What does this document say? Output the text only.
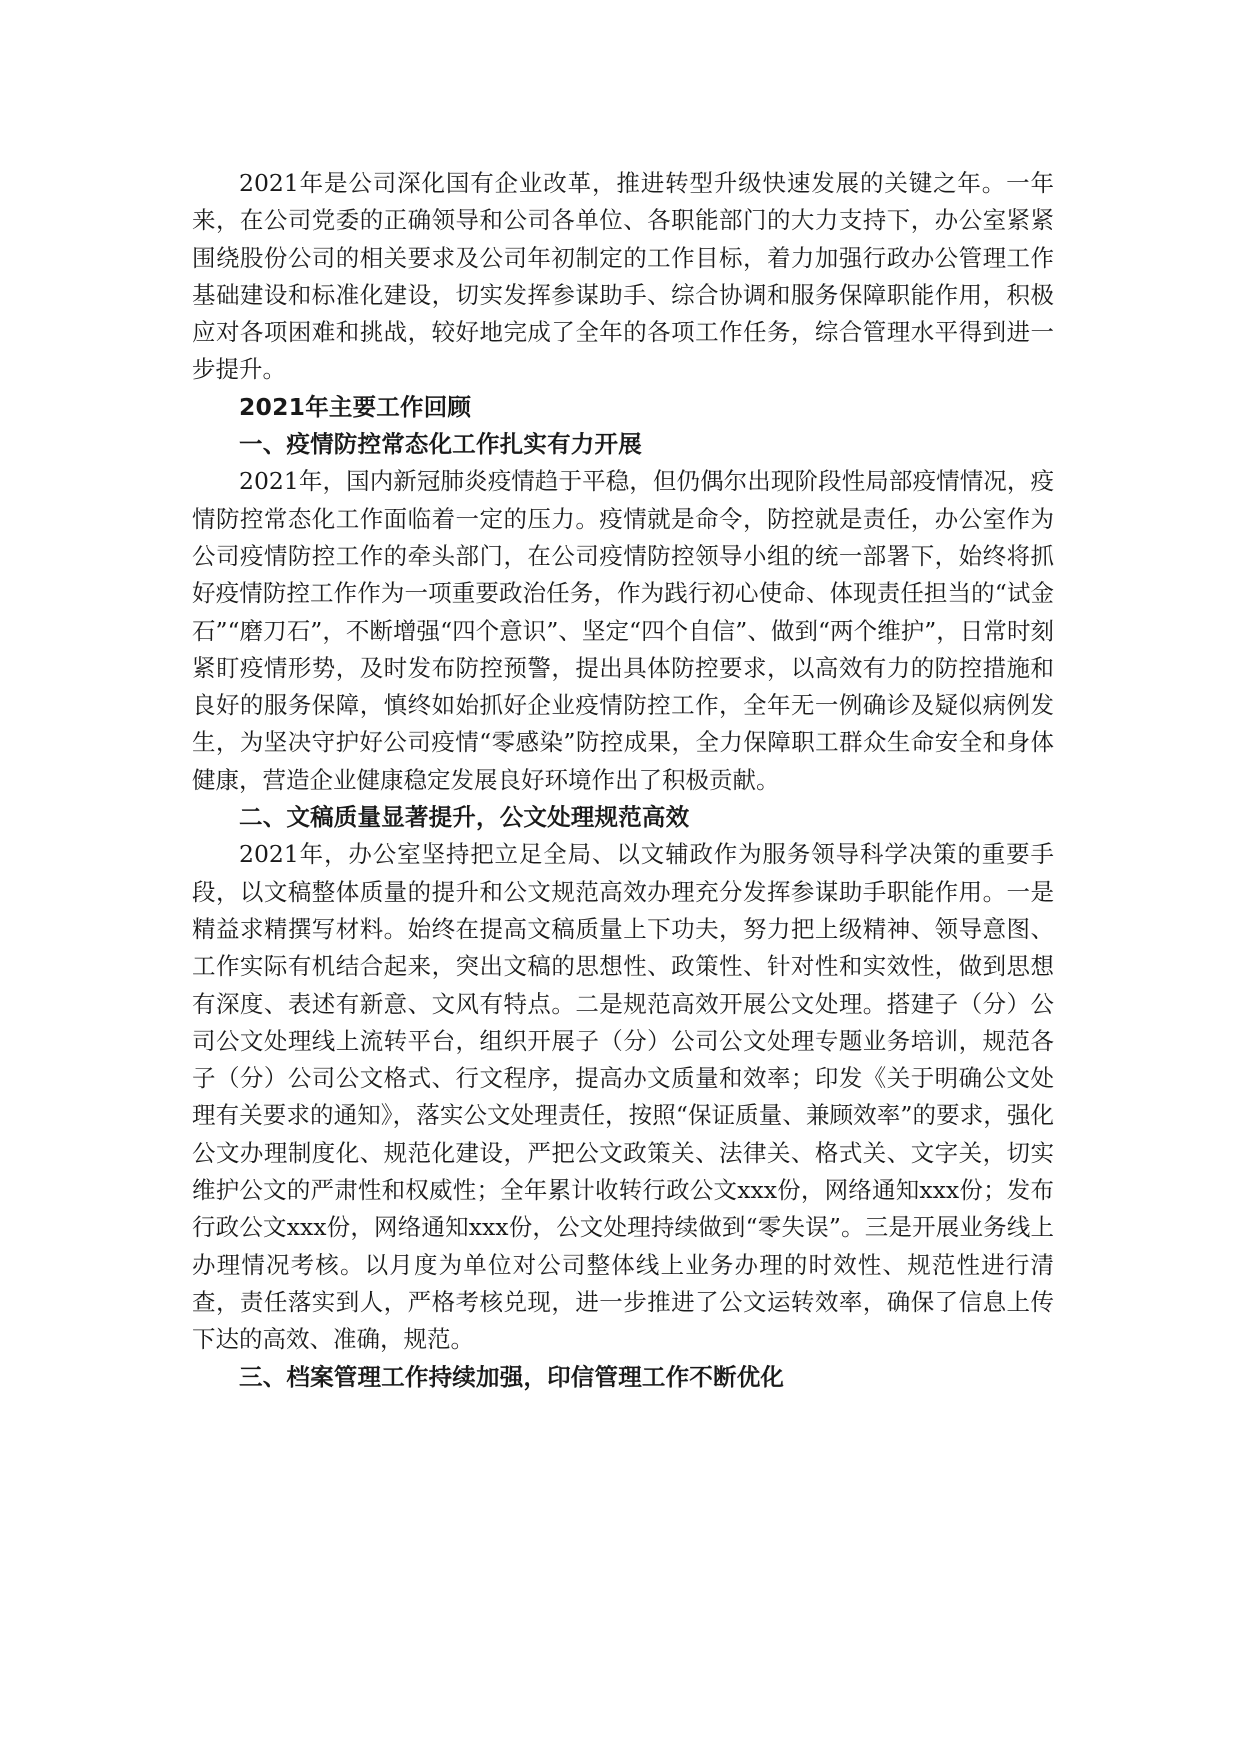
2021年是公司深化国有企业改革，推进转型升级快速发展的关键之年。一年来，在公司党委的正确领导和公司各单位、各职能部门的大力支持下，办公室紧紧围绕股份公司的相关要求及公司年初制定的工作目标，着力加强行政办公管理工作基础建设和标准化建设，切实发挥参谋助手、综合协调和服务保障职能作用，积极应对各项困难和挑战，较好地完成了全年的各项工作任务，综合管理水平得到进一步提升。

2021年主要工作回顾

一、疫情防控常态化工作扎实有力开展

2021年，国内新冠肺炎疫情趋于平稳，但仍偶尔出现阶段性局部疫情情况，疫情防控常态化工作面临着一定的压力。疫情就是命令，防控就是责任，办公室作为公司疫情防控工作的牵头部门，在公司疫情防控领导小组的统一部署下，始终将抓好疫情防控工作作为一项重要政治任务，作为践行初心使命、体现责任担当的“试金石”“磨刀石”，不断增强“四个意识”、坚定“四个自信”、做到“两个维护”，日常时刻紧盯疫情形势，及时发布防控预警，提出具体防控要求，以高效有力的防控措施和良好的服务保障，慎终如始抓好企业疫情防控工作，全年无一例确诊及疑似病例发生，为坚决守护好公司疫情“零感染”防控成果，全力保障职工群众生命安全和身体健康，营造企业健康稳定发展良好环境作出了积极贡献。

二、文稿质量显著提升，公文处理规范高效

2021年，办公室坚持把立足全局、以文辅政作为服务领导科学决策的重要手段，以文稿整体质量的提升和公文规范高效办理充分发挥参谋助手职能作用。一是精益求精撰写材料。始终在提高文稿质量上下功夫，努力把上级精神、领导意图、工作实际有机结合起来，突出文稿的思想性、政策性、针对性和实效性，做到思想有深度、表述有新意、文风有特点。二是规范高效开展公文处理。搭建子（分）公司公文处理线上流转平台，组织开展子（分）公司公文处理专题业务培训，规范各子（分）公司公文格式、行文程序，提高办文质量和效率；印发《关于明确公文处理有关要求的通知》，落实公文处理责任，按照“保证质量、兼顾效率”的要求，强化公文办理制度化、规范化建设，严把公文政策关、法律关、格式关、文字关，切实维护公文的严肃性和权威性；全年累计收转行政公文xxx份，网络通知xxx份；发布行政公文xxx份，网络通知xxx份，公文处理持续做到“零失误”。三是开展业务线上办理情况考核。以月度为单位对公司整体线上业务办理的时效性、规范性进行清查，责任落实到人，严格考核兑现，进一步推进了公文运转效率，确保了信息上传下达的高效、准确，规范。

三、档案管理工作持续加强，印信管理工作不断优化
